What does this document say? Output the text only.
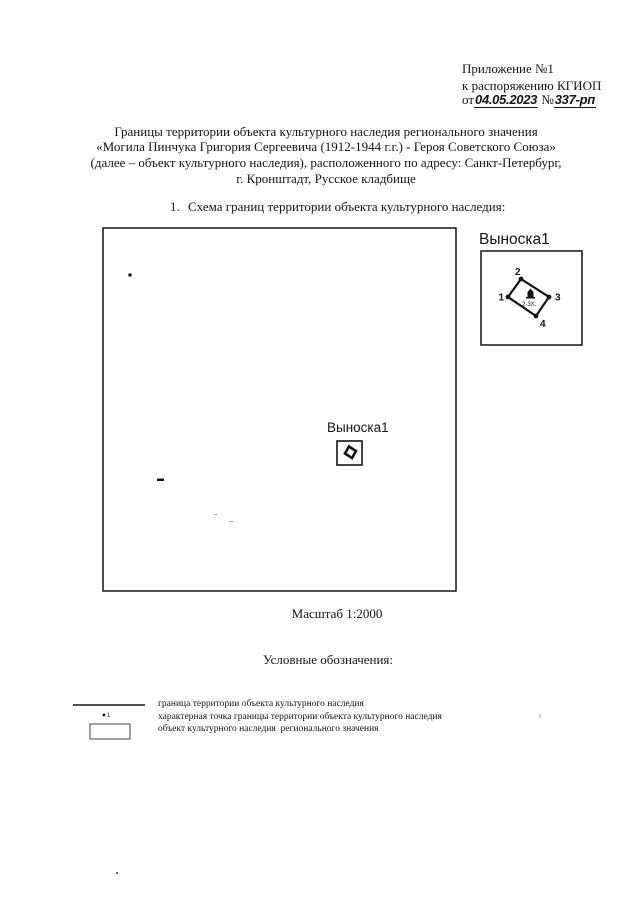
Выноска1
Выноска1
1
2
3
4
2-3Х.
1
Приложение №1
к распоряжению КГИОП
от04.05.2023 №337-рп
Границы территории объекта культурного наследия регионального значения
«Могила Пинчука Григория Сергеевича (1912-1944 г.г.) - Героя Советского Союза»
(далее – объект культурного наследия), расположенного по адресу: Санкт-Петербург,
г. Кронштадт, Русское кладбище
1. Схема границ территории объекта культурного наследия:
Масштаб 1:2000
Условные обозначения:
граница территории объекта культурного наследия
характерная точка границы территории объекта культурного наследия
объект культурного наследия  регионального значения
